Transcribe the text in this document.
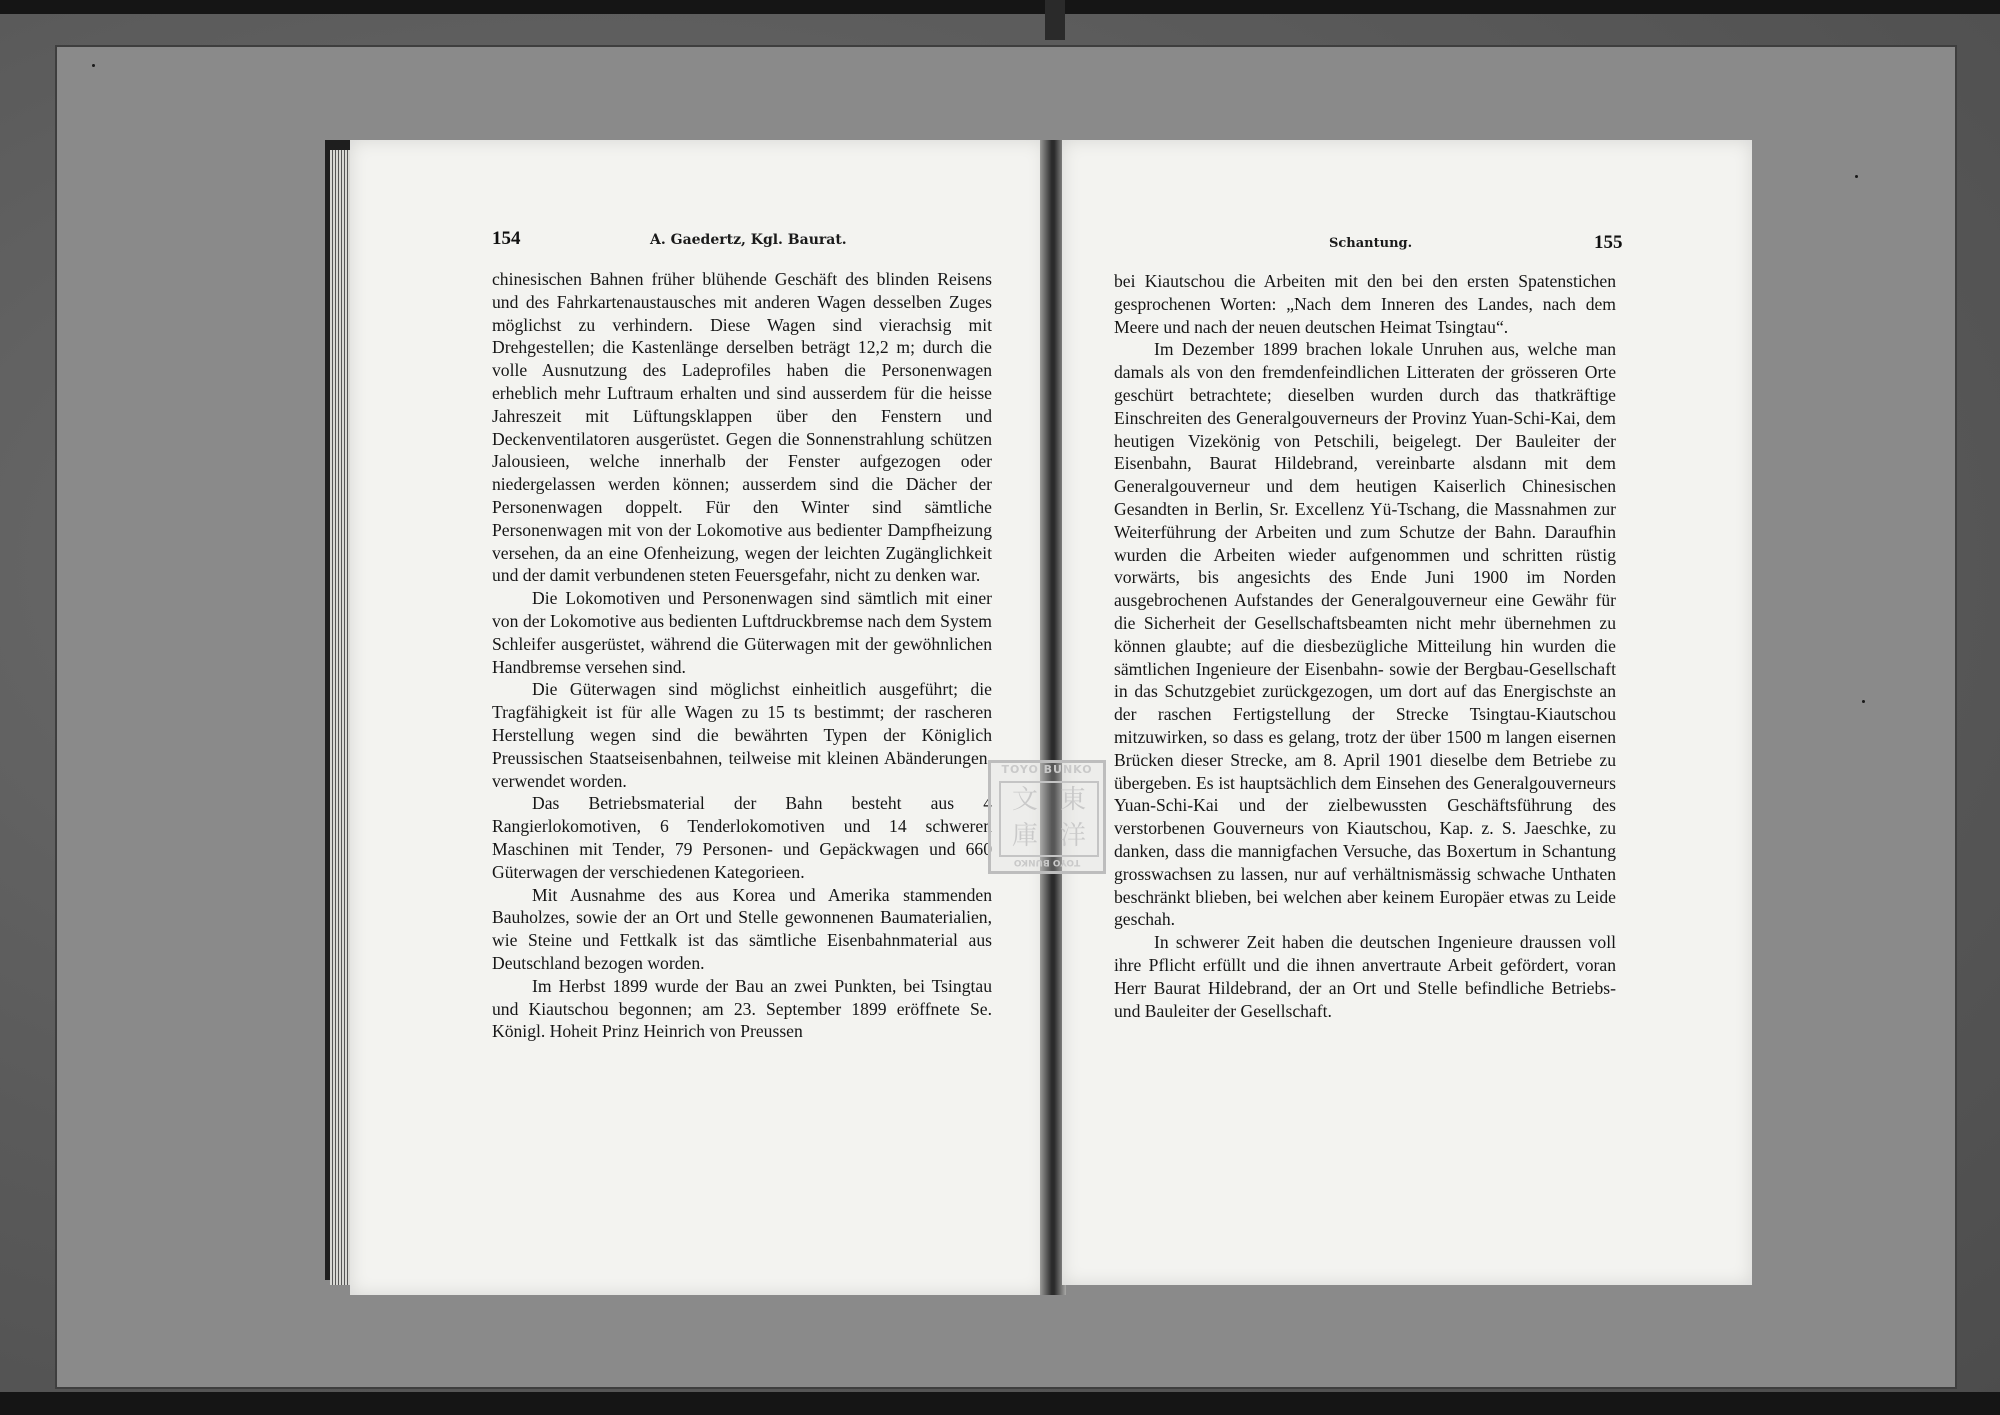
154	A. Gaedertz, Kgl. Baurat.

chinesischen Bahnen früher blühende Geschäft des blinden Reisens und des Fahrkartenaustausches mit anderen Wagen desselben Zuges möglichst zu verhindern. Diese Wagen sind vierachsig mit Drehgestellen; die Kastenlänge derselben beträgt 12,2 m; durch die volle Ausnutzung des Ladeprofiles haben die Personenwagen erheblich mehr Luftraum erhalten und sind ausserdem für die heisse Jahreszeit mit Lüftungsklappen über den Fenstern und Deckenventilatoren ausgerüstet. Gegen die Sonnenstrahlung schützen Jalousieen, welche innerhalb der Fenster aufgezogen oder niedergelassen werden können; ausserdem sind die Dächer der Personenwagen doppelt. Für den Winter sind sämtliche Personenwagen mit von der Lokomotive aus bedienter Dampfheizung versehen, da an eine Ofenheizung, wegen der leichten Zugänglichkeit und der damit verbundenen steten Feuersgefahr, nicht zu denken war.

Die Lokomotiven und Personenwagen sind sämtlich mit einer von der Lokomotive aus bedienten Luftdruckbremse nach dem System Schleifer ausgerüstet, während die Güterwagen mit der gewöhnlichen Handbremse versehen sind.

Die Güterwagen sind möglichst einheitlich ausgeführt; die Tragfähigkeit ist für alle Wagen zu 15 ts bestimmt; der rascheren Herstellung wegen sind die bewährten Typen der Königlich Preussischen Staatseisenbahnen, teilweise mit kleinen Abänderungen, verwendet worden.

Das Betriebsmaterial der Bahn besteht aus 4 Rangierlokomotiven, 6 Tenderlokomotiven und 14 schweren Maschinen mit Tender, 79 Personen- und Gepäckwagen und 660 Güterwagen der verschiedenen Kategorieen.

Mit Ausnahme des aus Korea und Amerika stammenden Bauholzes, sowie der an Ort und Stelle gewonnenen Baumaterialien, wie Steine und Fettkalk ist das sämtliche Eisenbahnmaterial aus Deutschland bezogen worden.

Im Herbst 1899 wurde der Bau an zwei Punkten, bei Tsingtau und Kiautschou begonnen; am 23. September 1899 eröffnete Se. Königl. Hoheit Prinz Heinrich von Preussen

Schantung.	155

bei Kiautschou die Arbeiten mit den bei den ersten Spatenstichen gesprochenen Worten: „Nach dem Inneren des Landes, nach dem Meere und nach der neuen deutschen Heimat Tsingtau“.

Im Dezember 1899 brachen lokale Unruhen aus, welche man damals als von den fremdenfeindlichen Litteraten der grösseren Orte geschürt betrachtete; dieselben wurden durch das thatkräftige Einschreiten des Generalgouverneurs der Provinz Yuan-Schi-Kai, dem heutigen Vizekönig von Petschili, beigelegt. Der Bauleiter der Eisenbahn, Baurat Hildebrand, vereinbarte alsdann mit dem Generalgouverneur und dem heutigen Kaiserlich Chinesischen Gesandten in Berlin, Sr. Excellenz Yü-Tschang, die Massnahmen zur Weiterführung der Arbeiten und zum Schutze der Bahn. Daraufhin wurden die Arbeiten wieder aufgenommen und schritten rüstig vorwärts, bis angesichts des Ende Juni 1900 im Norden ausgebrochenen Aufstandes der Generalgouverneur eine Gewähr für die Sicherheit der Gesellschaftsbeamten nicht mehr übernehmen zu können glaubte; auf die diesbezügliche Mitteilung hin wurden die sämtlichen Ingenieure der Eisenbahn- sowie der Bergbau-Gesellschaft in das Schutzgebiet zurückgezogen, um dort auf das Energischste an der raschen Fertigstellung der Strecke Tsingtau-Kiautschou mitzuwirken, so dass es gelang, trotz der über 1500 m langen eisernen Brücken dieser Strecke, am 8. April 1901 dieselbe dem Betriebe zu übergeben. Es ist hauptsächlich dem Einsehen des Generalgouverneurs Yuan-Schi-Kai und der zielbewussten Geschäftsführung des verstorbenen Gouverneurs von Kiautschou, Kap. z. S. Jaeschke, zu danken, dass die mannigfachen Versuche, das Boxertum in Schantung grosswachsen zu lassen, nur auf verhältnismässig schwache Unthaten beschränkt blieben, bei welchen aber keinem Europäer etwas zu Leide geschah.

In schwerer Zeit haben die deutschen Ingenieure draussen voll ihre Pflicht erfüllt und die ihnen anvertraute Arbeit gefördert, voran Herr Baurat Hildebrand, der an Ort und Stelle befindliche Betriebs- und Bauleiter der Gesellschaft.

TOYO BUNKO
文 東
庫 洋
TOYO BUNKO
